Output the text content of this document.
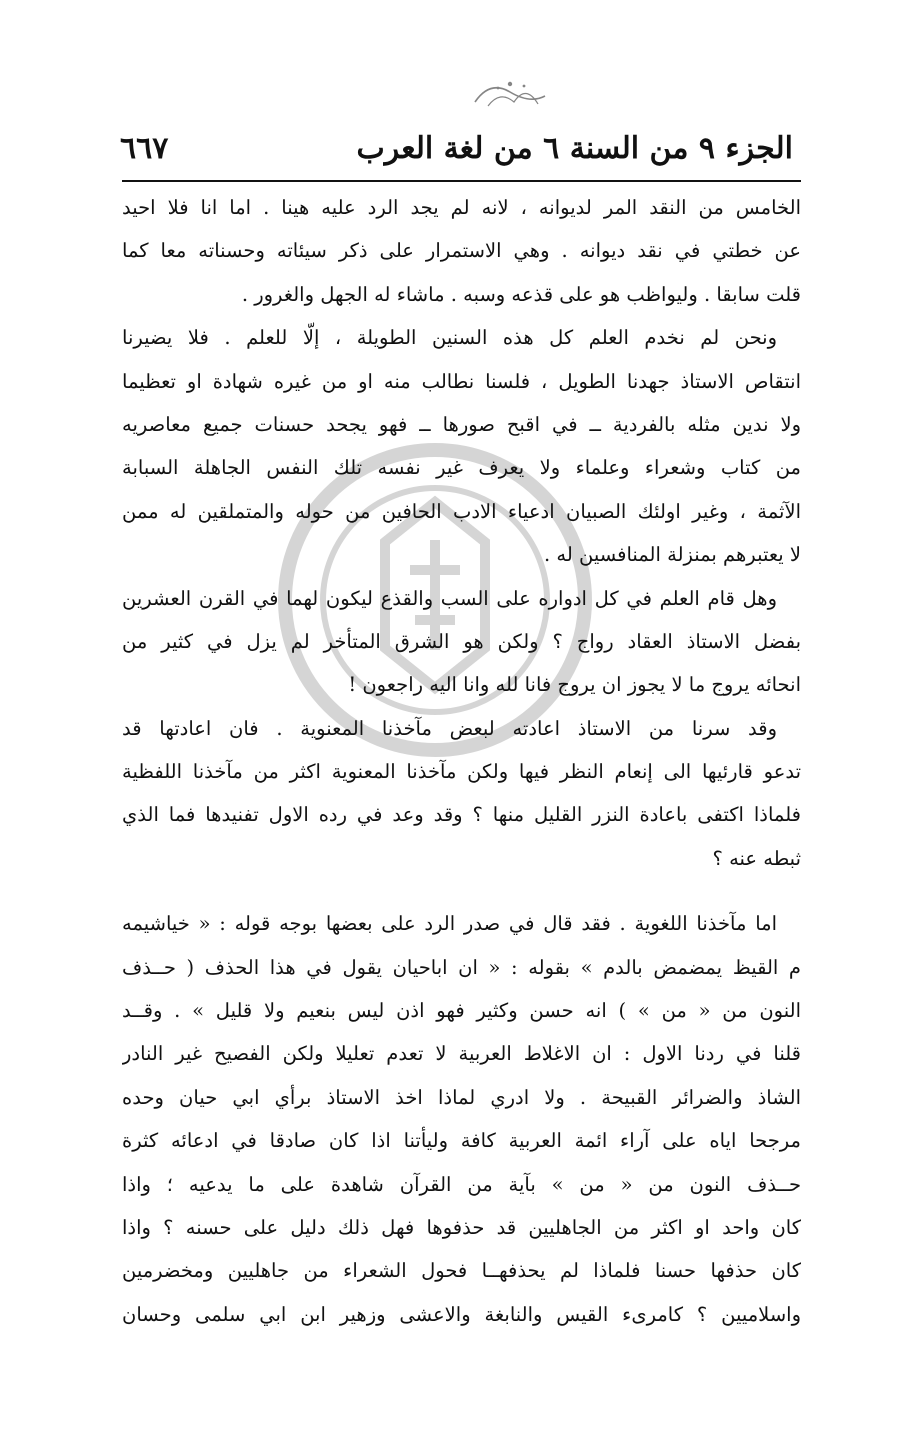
الجزء ٩ من السنة ٦ من لغة العرب
٦٦٧
الخامس من النقد المر لديوانه ، لانه لم يجد الرد عليه هينا . اما انا فلا احيد
عن خطتي في نقد ديوانه . وهي الاستمرار على ذكر سيئاته وحسناته معا كما
قلت سابقا . وليواظب هو على قذعه وسبه . ماشاء له الجهل والغرور .
ونحن لم نخدم العلم كل هذه السنين الطويلة ، إلّا للعلم . فلا يضيرنا
انتقاص الاستاذ جهدنا الطويل ، فلسنا نطالب منه او من غيره شهادة او تعظيما
ولا ندين مثله بالفردية ــ في اقبح صورها ــ فهو يجحد حسنات جميع معاصريه
من كتاب وشعراء وعلماء ولا يعرف غير نفسه تلك النفس الجاهلة السبابة
الآثمة ، وغير اولئك الصبيان ادعياء الادب الحافين من حوله والمتملقين له ممن
لا يعتبرهم بمنزلة المنافسين له .
وهل قام العلم في كل ادواره على السب والقذع ليكون لهما في القرن العشرين
بفضل الاستاذ العقاد رواج ؟ ولكن هو الشرق المتأخر لم يزل في كثير من
انحائه يروج ما لا يجوز ان يروج فانا لله وانا اليه راجعون !
وقد سرنا من الاستاذ اعادته لبعض مآخذنا المعنوية . فان اعادتها قد
تدعو قارئيها الى إنعام النظر فيها ولكن مآخذنا المعنوية اكثر من مآخذنا اللفظية
فلماذا اكتفى باعادة النزر القليل منها ؟ وقد وعد في رده الاول تفنيدها فما الذي
ثبطه عنه ؟
اما مآخذنا اللغوية . فقد قال في صدر الرد على بعضها بوجه قوله : « خياشيمه
م القيظ يمضمض بالدم » بقوله : « ان اباحيان يقول في هذا الحذف ( حــذف
النون من « من » ) انه حسن وكثير فهو اذن ليس بنعيم ولا قليل » . وقــد
قلنا في ردنا الاول : ان الاغلاط العربية لا تعدم تعليلا ولكن الفصيح غير النادر
الشاذ والضرائر القبيحة . ولا ادري لماذا اخذ الاستاذ برأي ابي حيان وحده
مرجحا اياه على آراء ائمة العربية كافة وليأتنا اذا كان صادقا في ادعائه كثرة
حــذف النون من « من » بآية من القرآن شاهدة على ما يدعيه ؛ واذا
كان واحد او اكثر من الجاهليين قد حذفوها فهل ذلك دليل على حسنه ؟ واذا
كان حذفها حسنا فلماذا لم يحذفهــا فحول الشعراء من جاهليين ومخضرمين
واسلاميين ؟ كامرىء القيس والنابغة والاعشى وزهير ابن ابي سلمى وحسان
